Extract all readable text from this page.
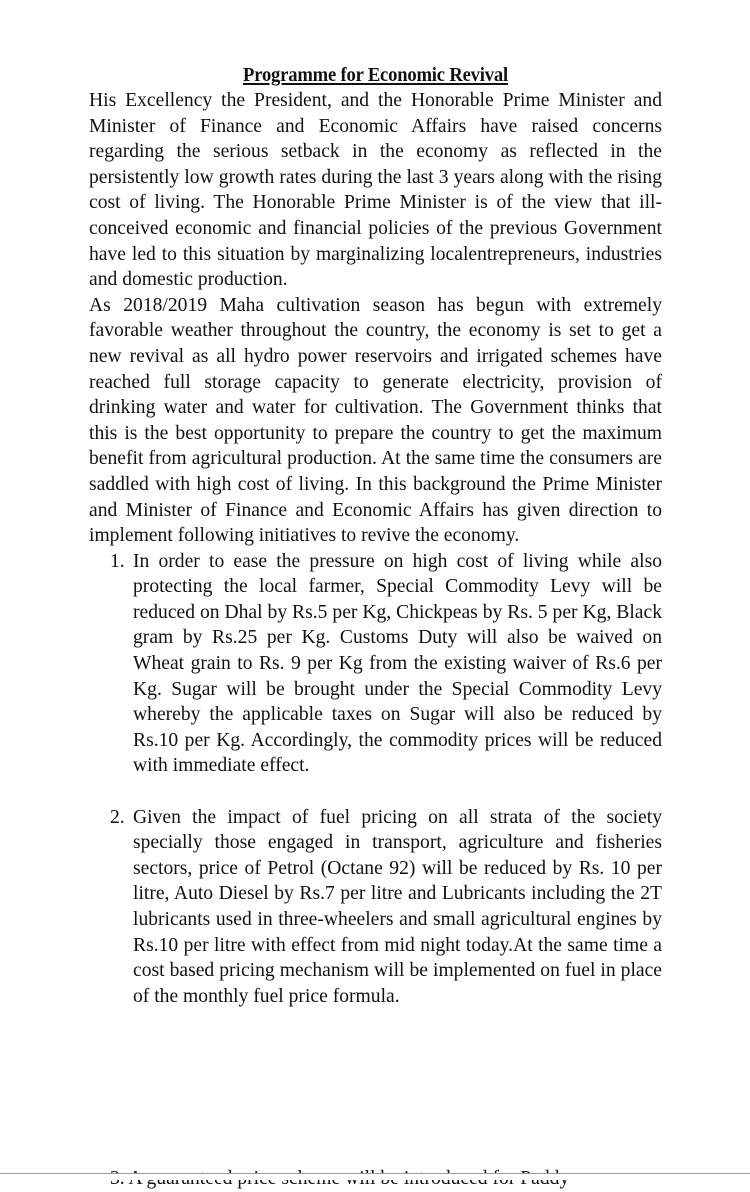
Programme for Economic Revival

His Excellency the President, and the Honorable Prime Minister and Minister of Finance and Economic Affairs have raised concerns regarding the serious setback in the economy as reflected in the persistently low growth rates during the last 3 years along with the rising cost of living. The Honorable Prime Minister is of the view that ill-conceived economic and financial policies of the previous Government have led to this situation by marginalizing localentrepreneurs, industries and domestic production.

As 2018/2019 Maha cultivation season has begun with extremely favorable weather throughout the country, the economy is set to get a new revival as all hydro power reservoirs and irrigated schemes have reached full storage capacity to generate electricity, provision of drinking water and water for cultivation. The Government thinks that this is the best opportunity to prepare the country to get the maximum benefit from agricultural production. At the same time the consumers are saddled with high cost of living. In this background the Prime Minister and Minister of Finance and Economic Affairs has given direction to implement following initiatives to revive the economy.

1. In order to ease the pressure on high cost of living while also protecting the local farmer, Special Commodity Levy will be reduced on Dhal by Rs.5 per Kg, Chickpeas by Rs. 5 per Kg, Black gram by Rs.25 per Kg. Customs Duty will also be waived on Wheat grain to Rs. 9 per Kg from the existing waiver of Rs.6 per Kg. Sugar will be brought under the Special Commodity Levy whereby the applicable taxes on Sugar will also be reduced by Rs.10 per Kg. Accordingly, the commodity prices will be reduced with immediate effect.
2. Given the impact of fuel pricing on all strata of the society specially those engaged in transport, agriculture and fisheries sectors, price of Petrol (Octane 92) will be reduced by Rs. 10 per litre, Auto Diesel by Rs.7 per litre and Lubricants including the 2T lubricants used in three-wheelers and small agricultural engines by Rs.10 per litre with effect from mid night today.At the same time a cost based pricing mechanism will be implemented on fuel in place of the monthly fuel price formula.
